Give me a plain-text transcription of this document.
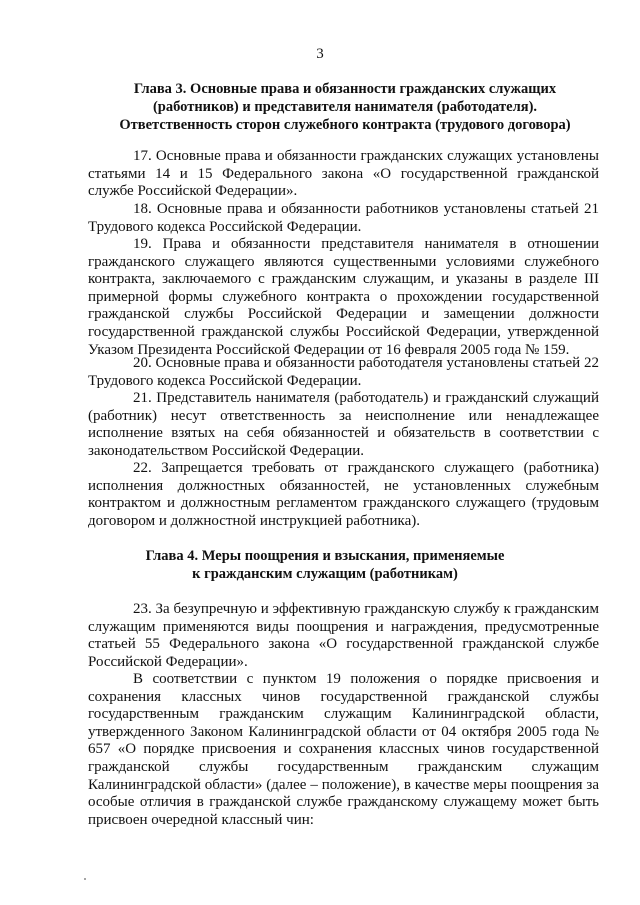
3
Глава 3. Основные права и обязанности гражданских служащих
(работников) и представителя нанимателя (работодателя).
Ответственность сторон служебного контракта (трудового договора)

17. Основные права и обязанности гражданских служащих установлены статьями 14 и 15 Федерального закона «О государственной гражданской службе Российской Федерации».

18. Основные права и обязанности работников установлены статьей 21 Трудового кодекса Российской Федерации.

19. Права и обязанности представителя нанимателя в отношении гражданского служащего являются существенными условиями служебного контракта, заключаемого с гражданским служащим, и указаны в разделе III примерной формы служебного контракта о прохождении государственной гражданской службы Российской Федерации и замещении должности государственной гражданской службы Российской Федерации, утвержденной Указом Президента Российской Федерации от 16 февраля 2005 года № 159.

20. Основные права и обязанности работодателя установлены статьей 22 Трудового кодекса Российской Федерации.

21. Представитель нанимателя (работодатель) и гражданский служащий (работник) несут ответственность за неисполнение или ненадлежащее исполнение взятых на себя обязанностей и обязательств в соответствии с законодательством Российской Федерации.

22. Запрещается требовать от гражданского служащего (работника) исполнения должностных обязанностей, не установленных служебным контрактом и должностным регламентом гражданского служащего (трудовым договором и должностной инструкцией работника).

Глава 4. Меры поощрения и взыскания, применяемые
к гражданским служащим (работникам)

23. За безупречную и эффективную гражданскую службу к гражданским служащим применяются виды поощрения и награждения, предусмотренные статьей 55 Федерального закона «О государственной гражданской службе Российской Федерации».

В соответствии с пунктом 19 положения о порядке присвоения и сохранения классных чинов государственной гражданской службы государственным гражданским служащим Калининградской области, утвержденного Законом Калининградской области от 04 октября 2005 года № 657 «О порядке присвоения и сохранения классных чинов государственной гражданской службы государственным гражданским служащим Калининградской области» (далее – положение), в качестве меры поощрения за особые отличия в гражданской службе гражданскому служащему может быть присвоен очередной классный чин:
